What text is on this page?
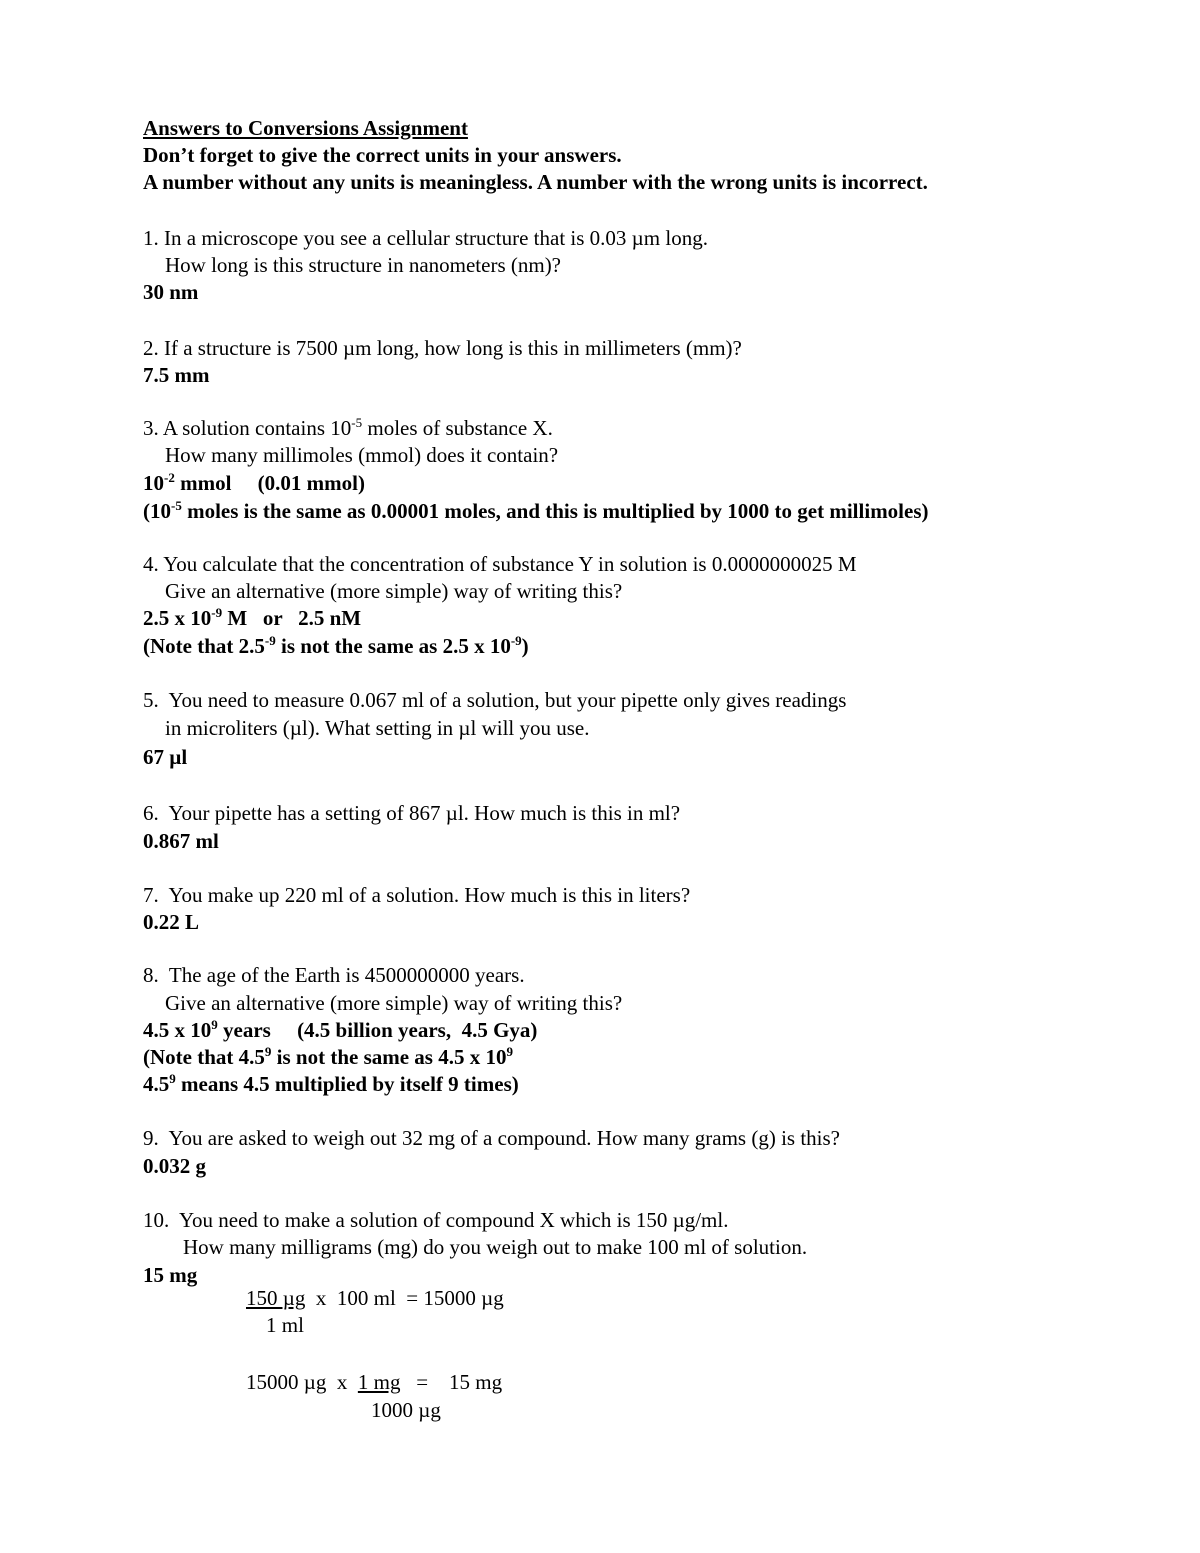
Answers to Conversions Assignment
Don’t forget to give the correct units in your answers.
A number without any units is meaningless. A number with the wrong units is incorrect.
1. In a microscope you see a cellular structure that is 0.03 µm long.
How long is this structure in nanometers (nm)?
30 nm
2. If a structure is 7500 µm long, how long is this in millimeters (mm)?
7.5 mm
3. A solution contains $10^{-5}$ moles of substance X.
How many millimoles (mmol) does it contain?
$10^{-2}$ mmol     (0.01 mmol)
($10^{-5}$ moles is the same as 0.00001 moles, and this is multiplied by 1000 to get millimoles)
4. You calculate that the concentration of substance Y in solution is 0.0000000025 M
Give an alternative (more simple) way of writing this?
2.5 x $10^{-9}$ M   or   2.5 nM
(Note that $2.5^{-9}$ is not the same as 2.5 x $10^{-9}$)
5.  You need to measure 0.067 ml of a solution, but your pipette only gives readings
in microliters (µl). What setting in µl will you use.
67 µl
6.  Your pipette has a setting of 867 µl. How much is this in ml?
0.867 ml
7.  You make up 220 ml of a solution. How much is this in liters?
0.22 L
8.  The age of the Earth is 4500000000 years.
Give an alternative (more simple) way of writing this?
4.5 x $10^9$ years     (4.5 billion years,  4.5 Gya)
(Note that $4.5^9$ is not the same as 4.5 x $10^9$
$4.5^9$ means 4.5 multiplied by itself 9 times)
9.  You are asked to weigh out 32 mg of a compound. How many grams (g) is this?
0.032 g
10.  You need to make a solution of compound X which is 150 µg/ml.
How many milligrams (mg) do you weigh out to make 100 ml of solution.
15 mg
150 µg  x  100 ml  = 15000 µg
1 ml
15000 µg  x  1 mg   =    15 mg
1000 µg
